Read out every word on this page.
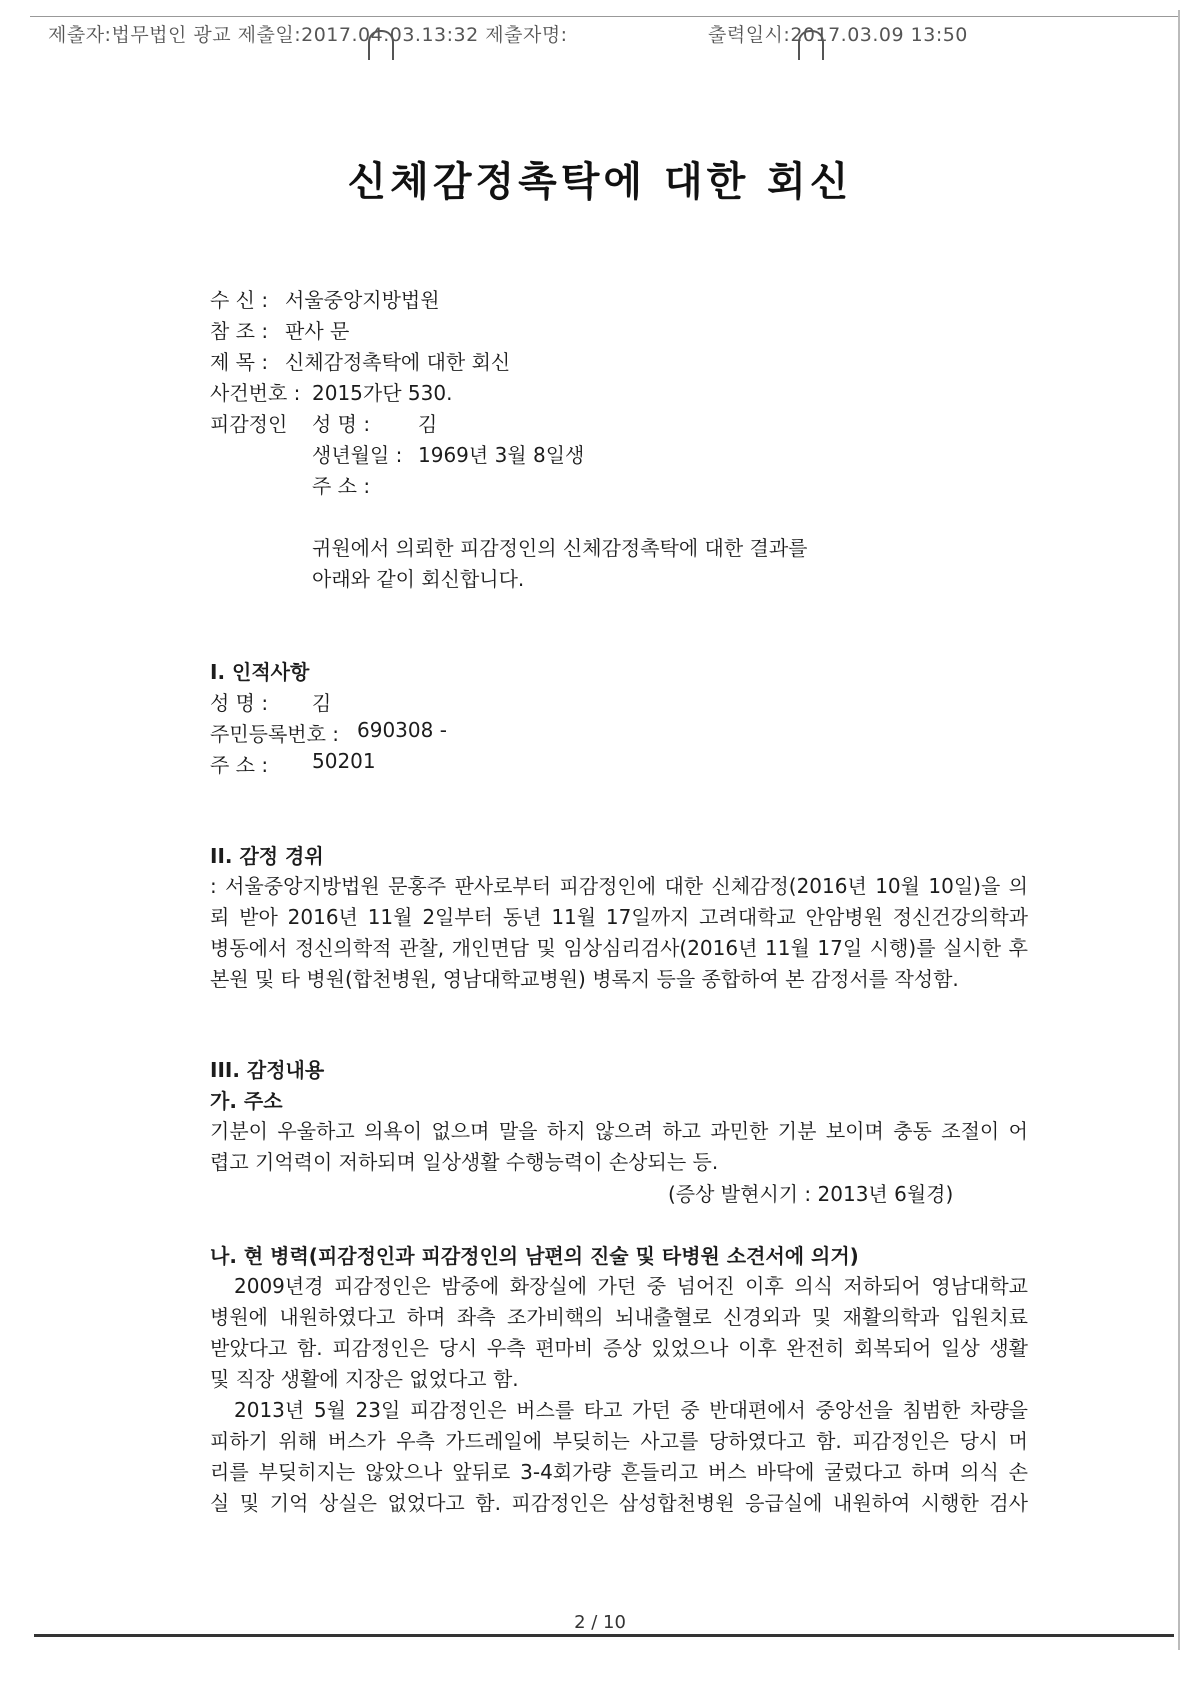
제출자:법무법인 광교 제출일:2017.04.03.13:32 제출자명:	출력일시:2017.03.09 13:50
신체감정촉탁에 대한 회신
수 신 : 서울중앙지방법원
참 조 : 판사 문
제 목 : 신체감정촉탁에 대한 회신
사건번호 : 2015가단 530.
피감정인 성 명 : 김
생년월일 : 1969년 3월 8일생
주 소 :
귀원에서 의뢰한 피감정인의 신체감정촉탁에 대한 결과를
아래와 같이 회신합니다.
I. 인적사항
성 명 : 김
주민등록번호 : 690308 -
주 소 : 50201
II. 감정 경위
: 서울중앙지방법원 문홍주 판사로부터 피감정인에 대한 신체감정(2016년 10월 10일)을 의
뢰 받아 2016년 11월 2일부터 동년 11월 17일까지 고려대학교 안암병원 정신건강의학과
병동에서 정신의학적 관찰, 개인면담 및 임상심리검사(2016년 11월 17일 시행)를 실시한 후
본원 및 타 병원(합천병원, 영남대학교병원) 병록지 등을 종합하여 본 감정서를 작성함.
III. 감정내용
가. 주소
기분이 우울하고 의욕이 없으며 말을 하지 않으려 하고 과민한 기분 보이며 충동 조절이 어
렵고 기억력이 저하되며 일상생활 수행능력이 손상되는 등.
(증상 발현시기 : 2013년 6월경)
나. 현 병력(피감정인과 피감정인의 남편의 진술 및 타병원 소견서에 의거)
2009년경 피감정인은 밤중에 화장실에 가던 중 넘어진 이후 의식 저하되어 영남대학교
병원에 내원하였다고 하며 좌측 조가비핵의 뇌내출혈로 신경외과 및 재활의학과 입원치료
받았다고 함. 피감정인은 당시 우측 편마비 증상 있었으나 이후 완전히 회복되어 일상 생활
및 직장 생활에 지장은 없었다고 함.
2013년 5월 23일 피감정인은 버스를 타고 가던 중 반대편에서 중앙선을 침범한 차량을
피하기 위해 버스가 우측 가드레일에 부딪히는 사고를 당하였다고 함. 피감정인은 당시 머
리를 부딪히지는 않았으나 앞뒤로 3-4회가량 흔들리고 버스 바닥에 굴렀다고 하며 의식 손
실 및 기억 상실은 없었다고 함. 피감정인은 삼성합천병원 응급실에 내원하여 시행한 검사
2 / 10
